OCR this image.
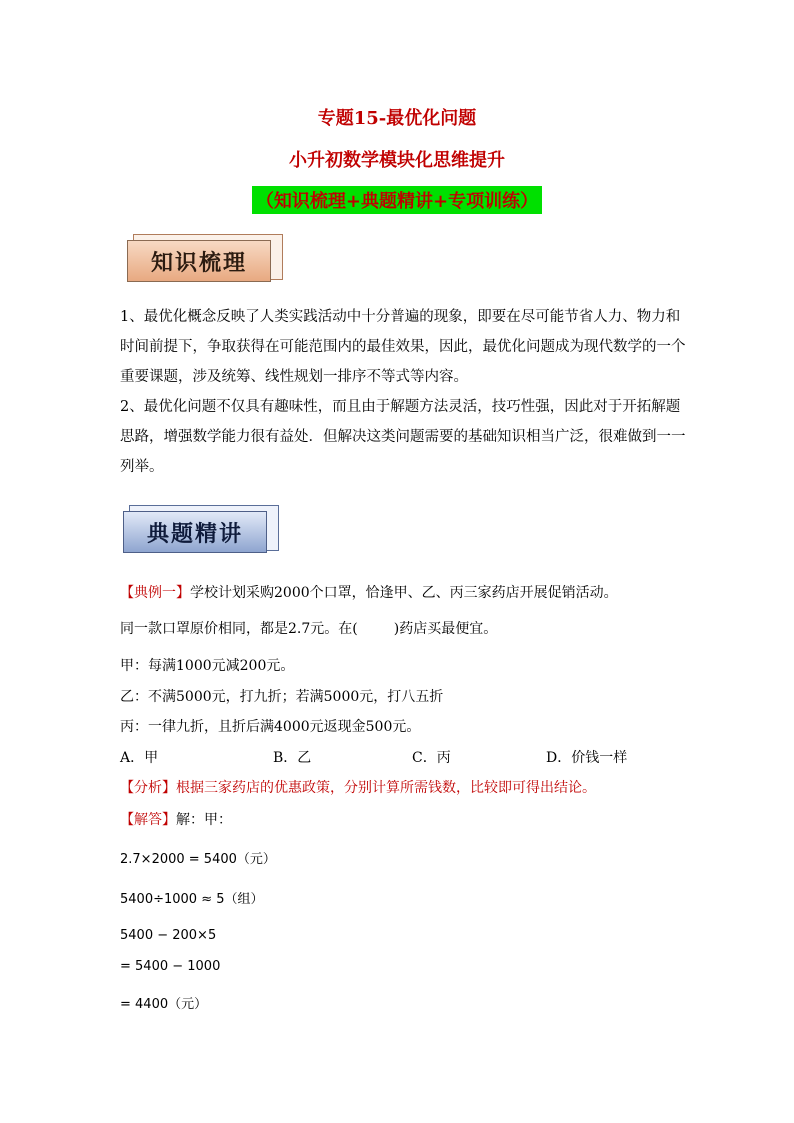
专题15-最优化问题
小升初数学模块化思维提升
（知识梳理+典题精讲+专项训练）
知识梳理
1、最优化概念反映了人类实践活动中十分普遍的现象，即要在尽可能节省人力、物力和时间前提下，争取获得在可能范围内的最佳效果，因此，最优化问题成为现代数学的一个重要课题，涉及统筹、线性规划一排序不等式等内容。
2、最优化问题不仅具有趣味性，而且由于解题方法灵活，技巧性强，因此对于开拓解题思路，增强数学能力很有益处．但解决这类问题需要的基础知识相当广泛，很难做到一一列举。
典题精讲
【典例一】学校计划采购2000个口罩，恰逢甲、乙、丙三家药店开展促销活动。
同一款口罩原价相同，都是2.7元。在(	)药店买最便宜。
甲：每满1000元减200元。
乙：不满5000元，打九折；若满5000元，打八五折
丙：一律九折，且折后满4000元返现金500元。
A．甲	B．乙	C．丙	D．价钱一样
【分析】根据三家药店的优惠政策，分别计算所需钱数，比较即可得出结论。
【解答】解：甲：
2.7×2000 = 5400（元）
5400÷1000 ≈ 5（组）
5400 − 200×5
= 5400 − 1000
= 4400（元）
